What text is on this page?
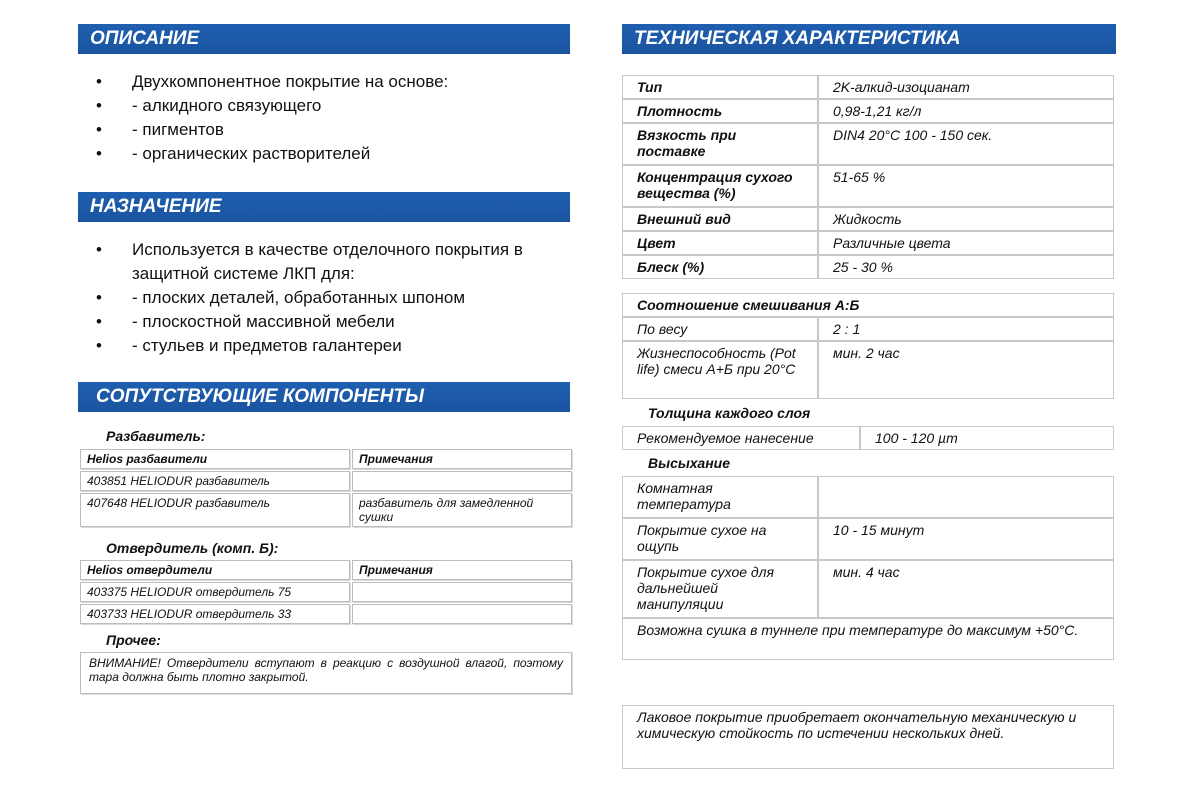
ОПИСАНИЕ
• Двухкомпонентное покрытие на основе:
• - алкидного связующего
• - пигментов
• - органических растворителей
НАЗНАЧЕНИЕ
• Используется в качестве отделочного покрытия в защитной системе ЛКП для:
• - плоских деталей, обработанных шпоном
• - плоскостной массивной мебели
• - стульев и предметов галантереи
СОПУТСТВУЮЩИЕ КОМПОНЕНТЫ
Разбавитель:
Helios разбавители	Примечания
403851 HELIODUR разбавитель	
407648 HELIODUR разбавитель	разбавитель для замедленной сушки
Отвердитель (комп. Б):
Helios отвердители	Примечания
403375 HELIODUR отвердитель 75	
403733 HELIODUR отвердитель 33	
Прочее:
ВНИМАНИЕ! Отвердители вступают в реакцию с воздушной влагой, поэтому тара должна быть плотно закрытой.
ТЕХНИЧЕСКАЯ ХАРАКТЕРИСТИКА
Тип	2K-алкид-изоцианат
Плотность	0,98-1,21 кг/л
Вязкость при поставке	DIN4 20°C 100 - 150 сек.
Концентрация сухого вещества (%)	51-65 %
Внешний вид	Жидкость
Цвет	Различные цвета
Блеск (%)	25 - 30 %
Соотношение смешивания А:Б	
По весу	2 : 1
Жизнеспособность (Pot life) смеси А+Б при 20°C	мин. 2 час
Толщина каждого слоя
Рекомендуемое нанесение	100 - 120 µm
Высыхание
Комнатная температура	
Покрытие сухое на ощупь	10 - 15 минут
Покрытие сухое для дальнейшей манипуляции	мин. 4 час
Возможна сушка в туннеле при температуре до максимум +50°C.	
Лаковое покрытие приобретает окончательную механическую и химическую стойкость по истечении нескольких дней.
